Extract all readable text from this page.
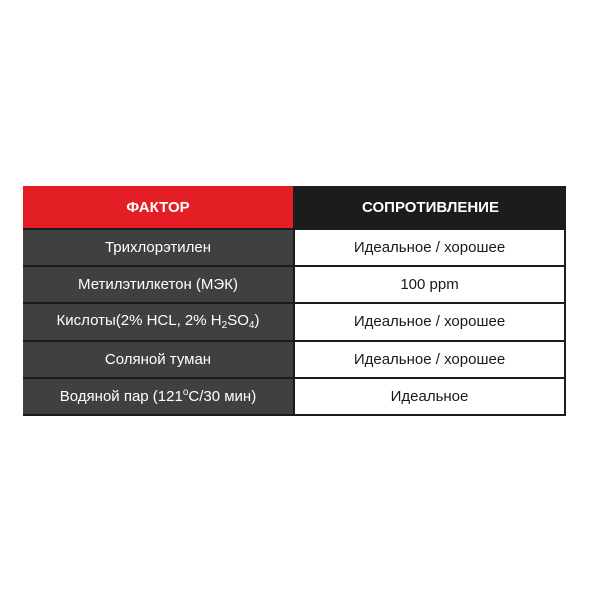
ФАКТОР	СОПРОТИВЛЕНИЕ
Трихлорэтилен	Идеальное / хорошее
Метилэтилкетон (МЭК)	100 ppm
Кислоты(2% HCL, 2% $H_2SO_4$)	Идеальное / хорошее
Соляной туман	Идеальное / хорошее
Водяной пар ($121^оС/30$ мин)	Идеальное
